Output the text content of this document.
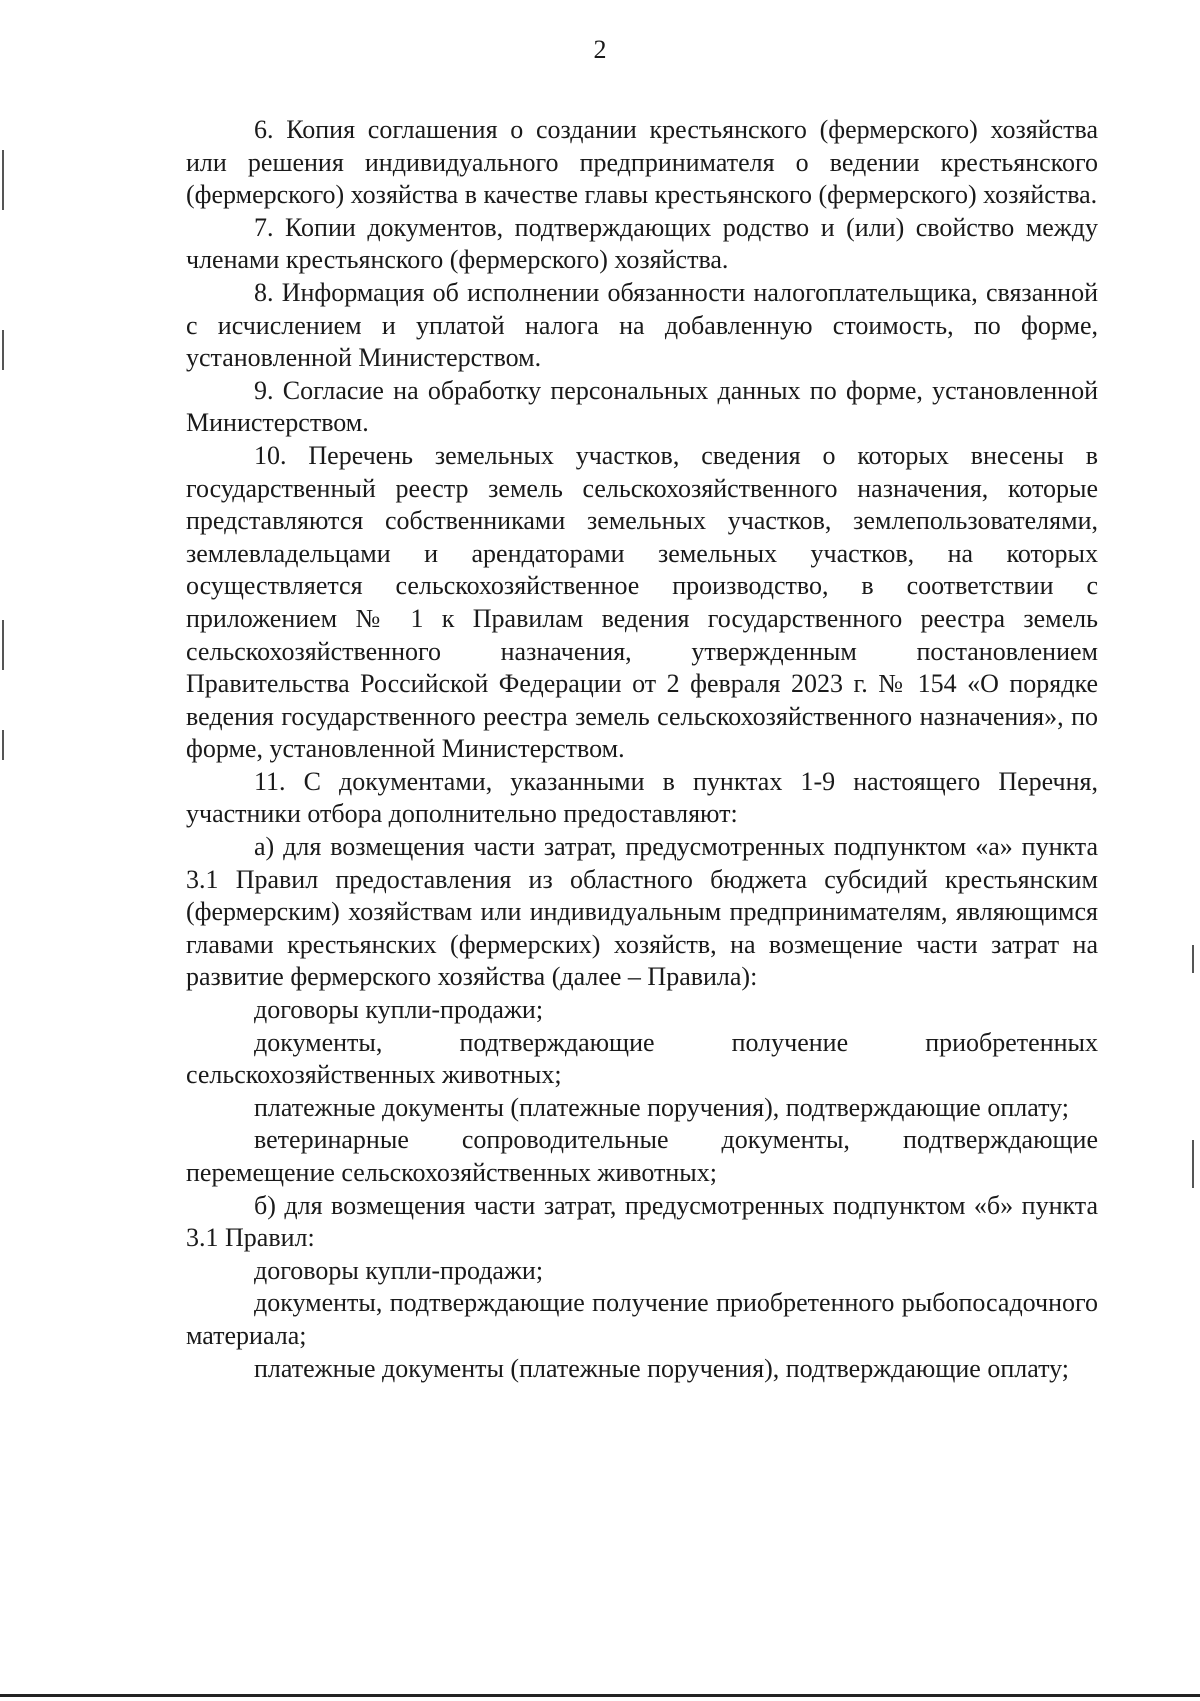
2

6. Копия соглашения о создании крестьянского (фермерского) хозяйства или решения индивидуального предпринимателя о ведении крестьянского (фермерского) хозяйства в качестве главы крестьянского (фермерского) хозяйства.

7. Копии документов, подтверждающих родство и (или) свойство между членами крестьянского (фермерского) хозяйства.

8. Информация об исполнении обязанности налогоплательщика, связанной с исчислением и уплатой налога на добавленную стоимость, по форме, установленной Министерством.

9. Согласие на обработку персональных данных по форме, установленной Министерством.

10. Перечень земельных участков, сведения о которых внесены в государственный реестр земель сельскохозяйственного назначения, которые представляются собственниками земельных участков, землепользователями, землевладельцами и арендаторами земельных участков, на которых осуществляется сельскохозяйственное производство, в соответствии с приложением № 1 к Правилам ведения государственного реестра земель сельскохозяйственного назначения, утвержденным постановлением Правительства Российской Федерации от 2 февраля 2023 г. № 154 «О порядке ведения государственного реестра земель сельскохозяйственного назначения», по форме, установленной Министерством.

11. С документами, указанными в пунктах 1-9 настоящего Перечня, участники отбора дополнительно предоставляют:

а) для возмещения части затрат, предусмотренных подпунктом «а» пункта 3.1 Правил предоставления из областного бюджета субсидий крестьянским (фермерским) хозяйствам или индивидуальным предпринимателям, являющимся главами крестьянских (фермерских) хозяйств, на возмещение части затрат на развитие фермерского хозяйства (далее – Правила):

договоры купли-продажи;

документы, подтверждающие получение приобретенных сельскохозяйственных животных;

платежные документы (платежные поручения), подтверждающие оплату;

ветеринарные сопроводительные документы, подтверждающие перемещение сельскохозяйственных животных;

б) для возмещения части затрат, предусмотренных подпунктом «б» пункта 3.1 Правил:

договоры купли-продажи;

документы, подтверждающие получение приобретенного рыбопосадочного материала;

платежные документы (платежные поручения), подтверждающие оплату;
